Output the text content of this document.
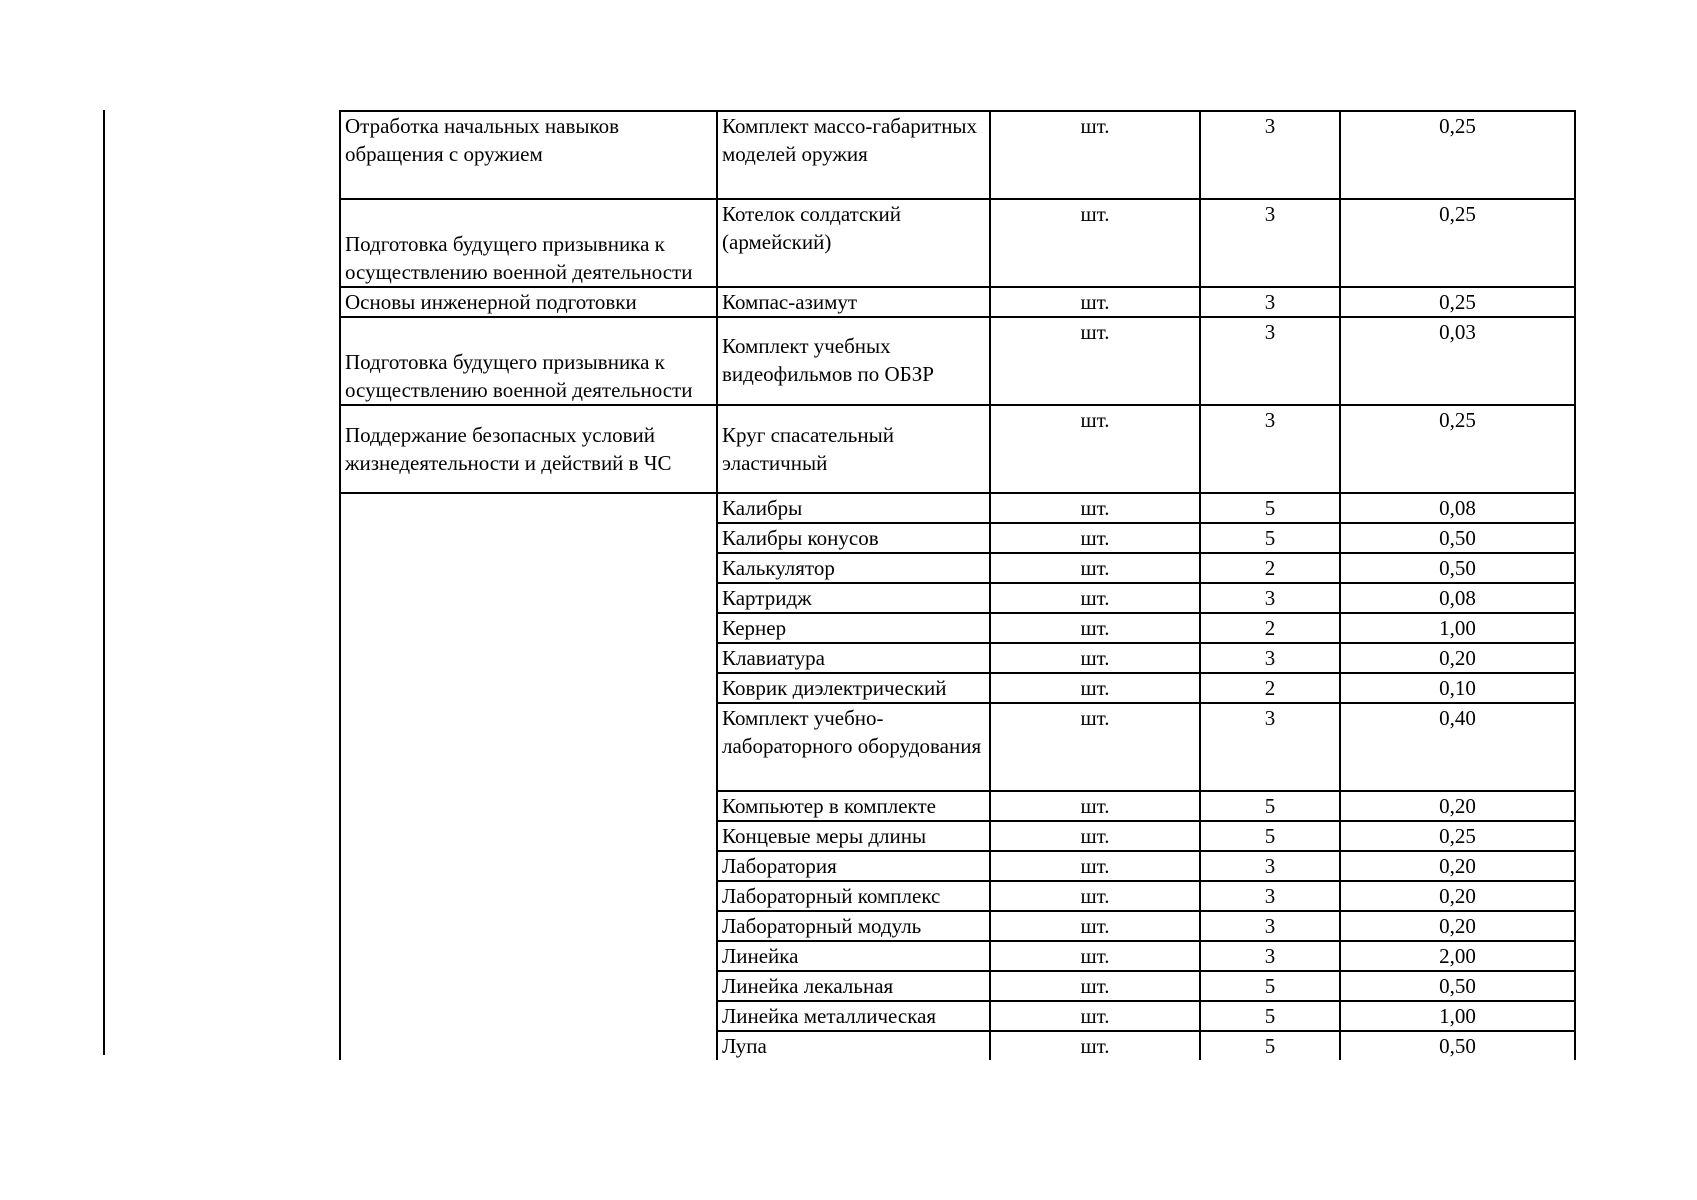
Отработка начальных навыков обращения с оружием	Комплект массо-габаритных моделей оружия	шт.	3	0,25
Подготовка будущего призывника к осуществлению военной деятельности	Котелок солдатский (армейский)	шт.	3	0,25
Основы инженерной подготовки	Компас-азимут	шт.	3	0,25
Подготовка будущего призывника к осуществлению военной деятельности	Комплект учебных видеофильмов по ОБЗР	шт.	3	0,03
Поддержание безопасных условий жизнедеятельности и действий в ЧС	Круг спасательный эластичный	шт.	3	0,25
	Калибры	шт.	5	0,08
	Калибры конусов	шт.	5	0,50
	Калькулятор	шт.	2	0,50
	Картридж	шт.	3	0,08
	Кернер	шт.	2	1,00
	Клавиатура	шт.	3	0,20
	Коврик диэлектрический	шт.	2	0,10
	Комплект учебно-лабораторного оборудования	шт.	3	0,40
	Компьютер в комплекте	шт.	5	0,20
	Концевые меры длины	шт.	5	0,25
	Лаборатория	шт.	3	0,20
	Лабораторный комплекс	шт.	3	0,20
	Лабораторный модуль	шт.	3	0,20
	Линейка	шт.	3	2,00
	Линейка лекальная	шт.	5	0,50
	Линейка металлическая	шт.	5	1,00
	Лупа	шт.	5	0,50
